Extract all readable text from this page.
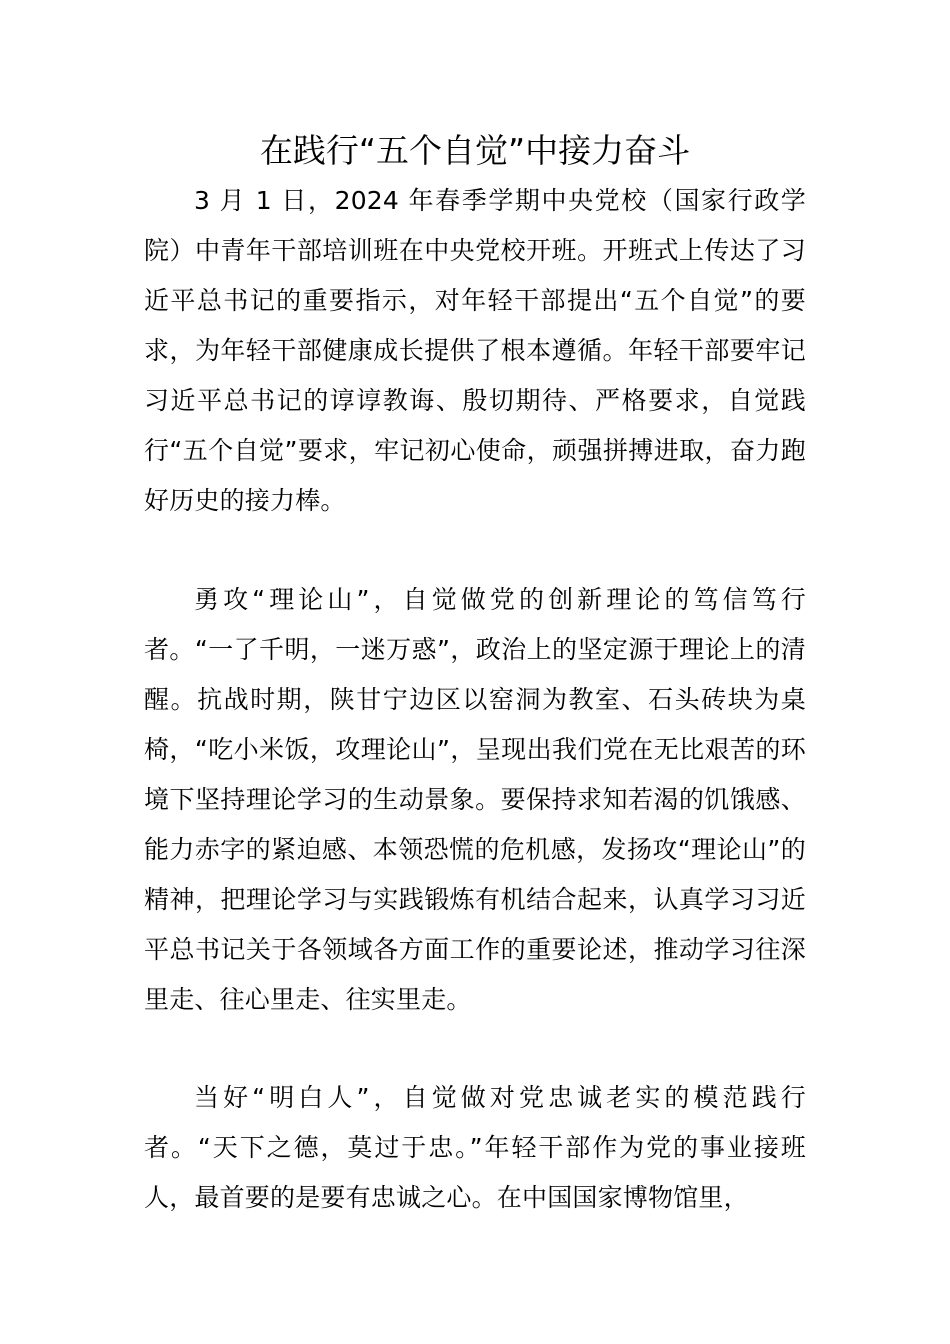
在践行“五个自觉”中接力奋斗

3 月 1 日，2024 年春季学期中央党校（国家行政学院）中青年干部培训班在中央党校开班。开班式上传达了习近平总书记的重要指示，对年轻干部提出“五个自觉”的要求，为年轻干部健康成长提供了根本遵循。年轻干部要牢记习近平总书记的谆谆教诲、殷切期待、严格要求，自觉践行“五个自觉”要求，牢记初心使命，顽强拼搏进取，奋力跑好历史的接力棒。

勇攻“理论山”，自觉做党的创新理论的笃信笃行者。“一了千明，一迷万惑”，政治上的坚定源于理论上的清醒。抗战时期，陕甘宁边区以窑洞为教室、石头砖块为桌椅，“吃小米饭，攻理论山”，呈现出我们党在无比艰苦的环境下坚持理论学习的生动景象。要保持求知若渴的饥饿感、能力赤字的紧迫感、本领恐慌的危机感，发扬攻“理论山”的精神，把理论学习与实践锻炼有机结合起来，认真学习习近平总书记关于各领域各方面工作的重要论述，推动学习往深里走、往心里走、往实里走。

当好“明白人”，自觉做对党忠诚老实的模范践行者。“天下之德，莫过于忠。”年轻干部作为党的事业接班人，最首要的是要有忠诚之心。在中国国家博物馆里，
